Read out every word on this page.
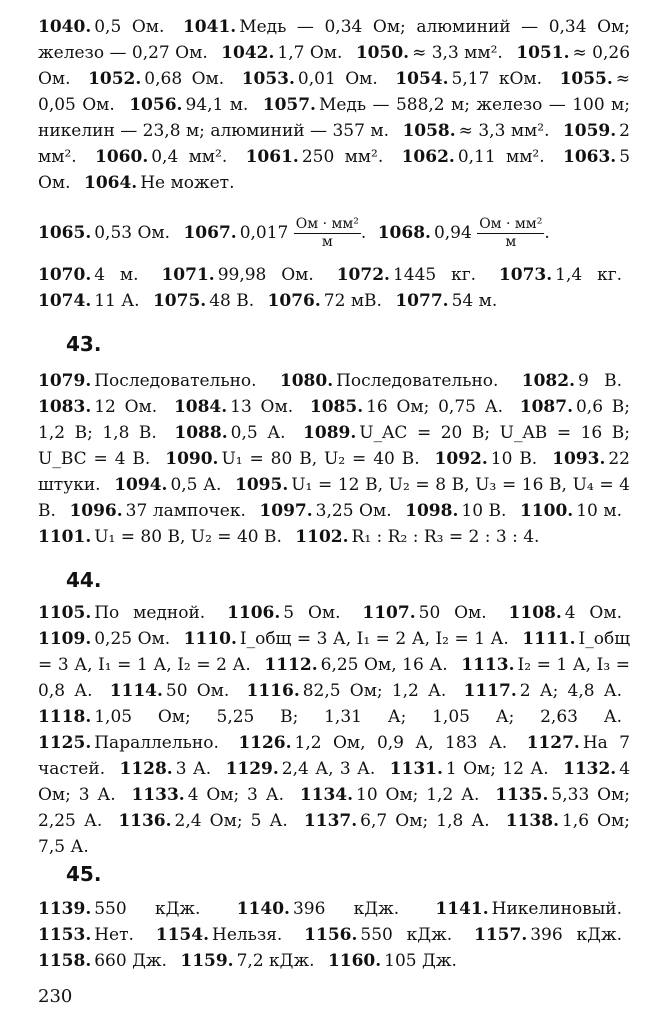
1040. 0,5 Ом. 1041. Медь — 0,34 Ом; алюминий — 0,34 Ом; железо — 0,27 Ом. 1042. 1,7 Ом. 1050. ≈ 3,3 мм². 1051. ≈ 0,26 Ом. 1052. 0,68 Ом. 1053. 0,01 Ом. 1054. 5,17 кОм. 1055. ≈ 0,05 Ом. 1056. 94,1 м. 1057. Медь — 588,2 м; железо — 100 м; никелин — 23,8 м; алюминий — 357 м. 1058. ≈ 3,3 мм². 1059. 2 мм². 1060. 0,4 мм². 1061. 250 мм². 1062. 0,11 мм². 1063. 5 Ом. 1064. Не может.
1065. 0,53 Ом. 1067. $0,017 \frac{\text{Ом · мм²}}{м}$ . 1068. $0,94 \frac{\text{Ом · мм²}}{м}$ .
1070. 4 м. 1071. 99,98 Ом. 1072. 1445 кг. 1073. 1,4 кг. 1074. 11 А. 1075. 48 В. 1076. 72 мВ. 1077. 54 м.
43.
1079. Последовательно. 1080. Последовательно. 1082. 9 В. 1083. 12 Ом. 1084. 13 Ом. 1085. 16 Ом; 0,75 А. 1087. 0,6 В; 1,2 В; 1,8 В. 1088. 0,5 А. 1089. U_AC = 20 В; U_AB = 16 В; U_BC = 4 В. 1090. U₁ = 80 В, U₂ = 40 В. 1092. 10 В. 1093. 22 штуки. 1094. 0,5 А. 1095. U₁ = 12 В, U₂ = 8 В, U₃ = 16 В, U₄ = 4 В. 1096. 37 лампочек. 1097. 3,25 Ом. 1098. 10 В. 1100. 10 м. 1101. U₁ = 80 В, U₂ = 40 В. 1102. R₁ : R₂ : R₃ = 2 : 3 : 4.
44.
1105. По медной. 1106. 5 Ом. 1107. 50 Ом. 1108. 4 Ом. 1109. 0,25 Ом. 1110. I_общ = 3 А, I₁ = 2 А, I₂ = 1 А. 1111. I_общ = 3 А, I₁ = 1 А, I₂ = 2 А. 1112. 6,25 Ом, 16 А. 1113. I₂ = 1 А, I₃ = 0,8 А. 1114. 50 Ом. 1116. 82,5 Ом; 1,2 А. 1117. 2 А; 4,8 А. 1118. 1,05 Ом; 5,25 В; 1,31 А; 1,05 А; 2,63 А. 1125. Параллельно. 1126. 1,2 Ом, 0,9 А, 183 А. 1127. На 7 частей. 1128. 3 А. 1129. 2,4 А, 3 А. 1131. 1 Ом; 12 А. 1132. 4 Ом; 3 А. 1133. 4 Ом; 3 А. 1134. 10 Ом; 1,2 А. 1135. 5,33 Ом; 2,25 А. 1136. 2,4 Ом; 5 А. 1137. 6,7 Ом; 1,8 А. 1138. 1,6 Ом; 7,5 А.
45.
1139. 550 кДж. 1140. 396 кДж. 1141. Никелиновый. 1153. Нет. 1154. Нельзя. 1156. 550 кДж. 1157. 396 кДж. 1158. 660 Дж. 1159. 7,2 кДж. 1160. 105 Дж.
230
